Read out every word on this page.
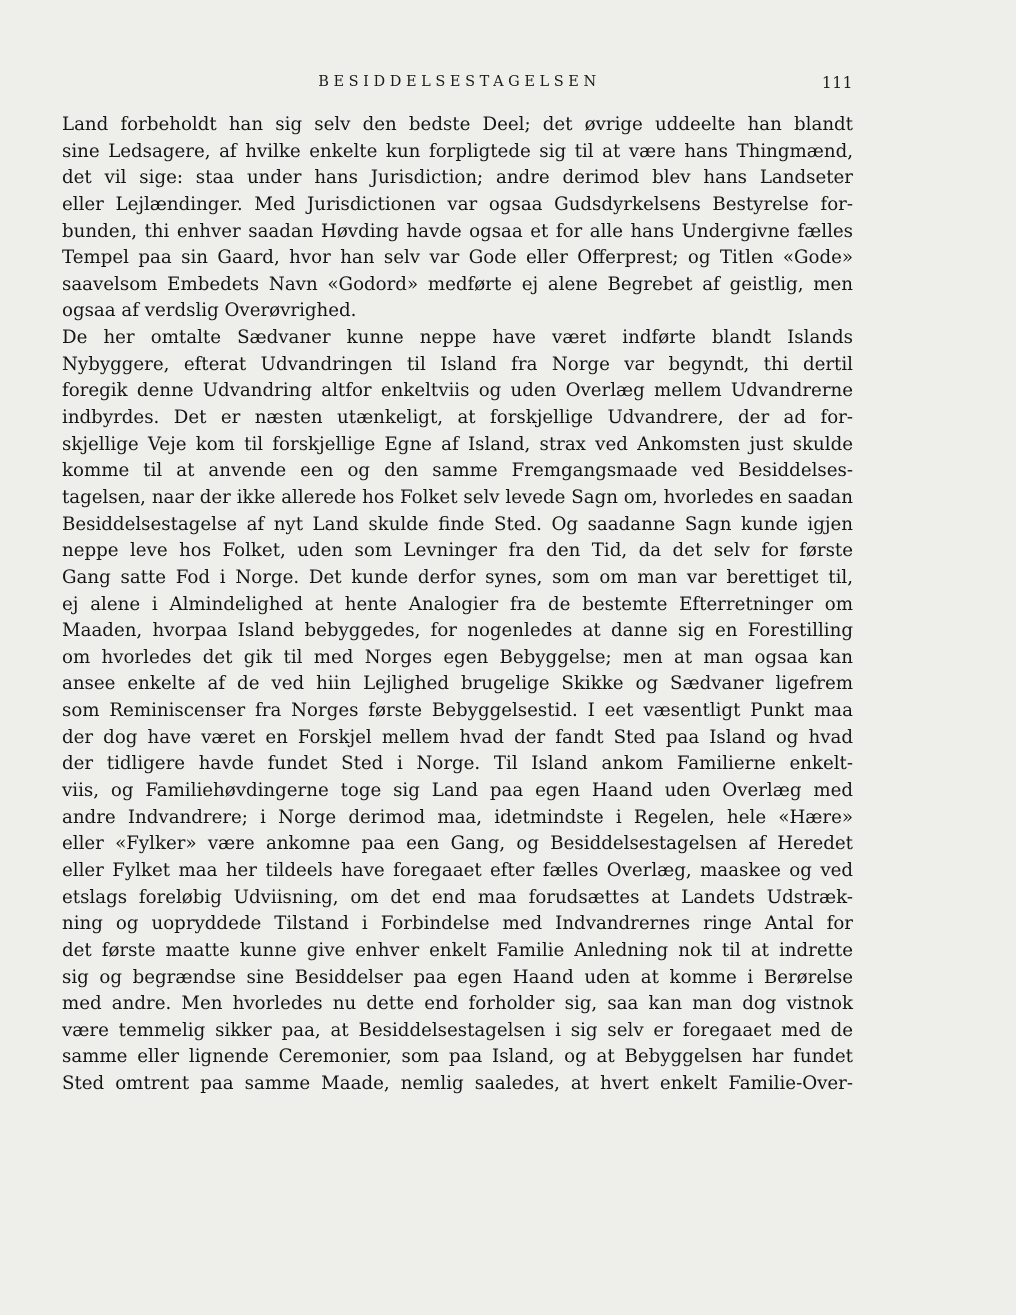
BESIDDELSESTAGELSEN	111
Land forbeholdt han sig selv den bedste Deel; det øvrige uddeelte han blandt
sine Ledsagere, af hvilke enkelte kun forpligtede sig til at være hans Thingmænd,
det vil sige: staa under hans Jurisdiction; andre derimod blev hans Landseter
eller Lejlændinger. Med Jurisdictionen var ogsaa Gudsdyrkelsens Bestyrelse for-
bunden, thi enhver saadan Høvding havde ogsaa et for alle hans Undergivne fælles
Tempel paa sin Gaard, hvor han selv var Gode eller Offerprest; og Titlen «Gode»
saavelsom Embedets Navn «Godord» medførte ej alene Begrebet af geistlig, men
ogsaa af verdslig Overøvrighed.
De her omtalte Sædvaner kunne neppe have været indførte blandt Islands
Nybyggere, efterat Udvandringen til Island fra Norge var begyndt, thi dertil
foregik denne Udvandring altfor enkeltviis og uden Overlæg mellem Udvandrerne
indbyrdes. Det er næsten utænkeligt, at forskjellige Udvandrere, der ad for-
skjellige Veje kom til forskjellige Egne af Island, strax ved Ankomsten just skulde
komme til at anvende een og den samme Fremgangsmaade ved Besiddelses-
tagelsen, naar der ikke allerede hos Folket selv levede Sagn om, hvorledes en saadan
Besiddelsestagelse af nyt Land skulde finde Sted. Og saadanne Sagn kunde igjen
neppe leve hos Folket, uden som Levninger fra den Tid, da det selv for første
Gang satte Fod i Norge. Det kunde derfor synes, som om man var berettiget til,
ej alene i Almindelighed at hente Analogier fra de bestemte Efterretninger om
Maaden, hvorpaa Island bebyggedes, for nogenledes at danne sig en Forestilling
om hvorledes det gik til med Norges egen Bebyggelse; men at man ogsaa kan
ansee enkelte af de ved hiin Lejlighed brugelige Skikke og Sædvaner ligefrem
som Reminiscenser fra Norges første Bebyggelsestid. I eet væsentligt Punkt maa
der dog have været en Forskjel mellem hvad der fandt Sted paa Island og hvad
der tidligere havde fundet Sted i Norge. Til Island ankom Familierne enkelt-
viis, og Familiehøvdingerne toge sig Land paa egen Haand uden Overlæg med
andre Indvandrere; i Norge derimod maa, idetmindste i Regelen, hele «Hære»
eller «Fylker» være ankomne paa een Gang, og Besiddelsestagelsen af Heredet
eller Fylket maa her tildeels have foregaaet efter fælles Overlæg, maaskee og ved
etslags foreløbig Udviisning, om det end maa forudsættes at Landets Udstræk-
ning og uopryddede Tilstand i Forbindelse med Indvandrernes ringe Antal for
det første maatte kunne give enhver enkelt Familie Anledning nok til at indrette
sig og begrændse sine Besiddelser paa egen Haand uden at komme i Berørelse
med andre. Men hvorledes nu dette end forholder sig, saa kan man dog vistnok
være temmelig sikker paa, at Besiddelsestagelsen i sig selv er foregaaet med de
samme eller lignende Ceremonier, som paa Island, og at Bebyggelsen har fundet
Sted omtrent paa samme Maade, nemlig saaledes, at hvert enkelt Familie-Over-
